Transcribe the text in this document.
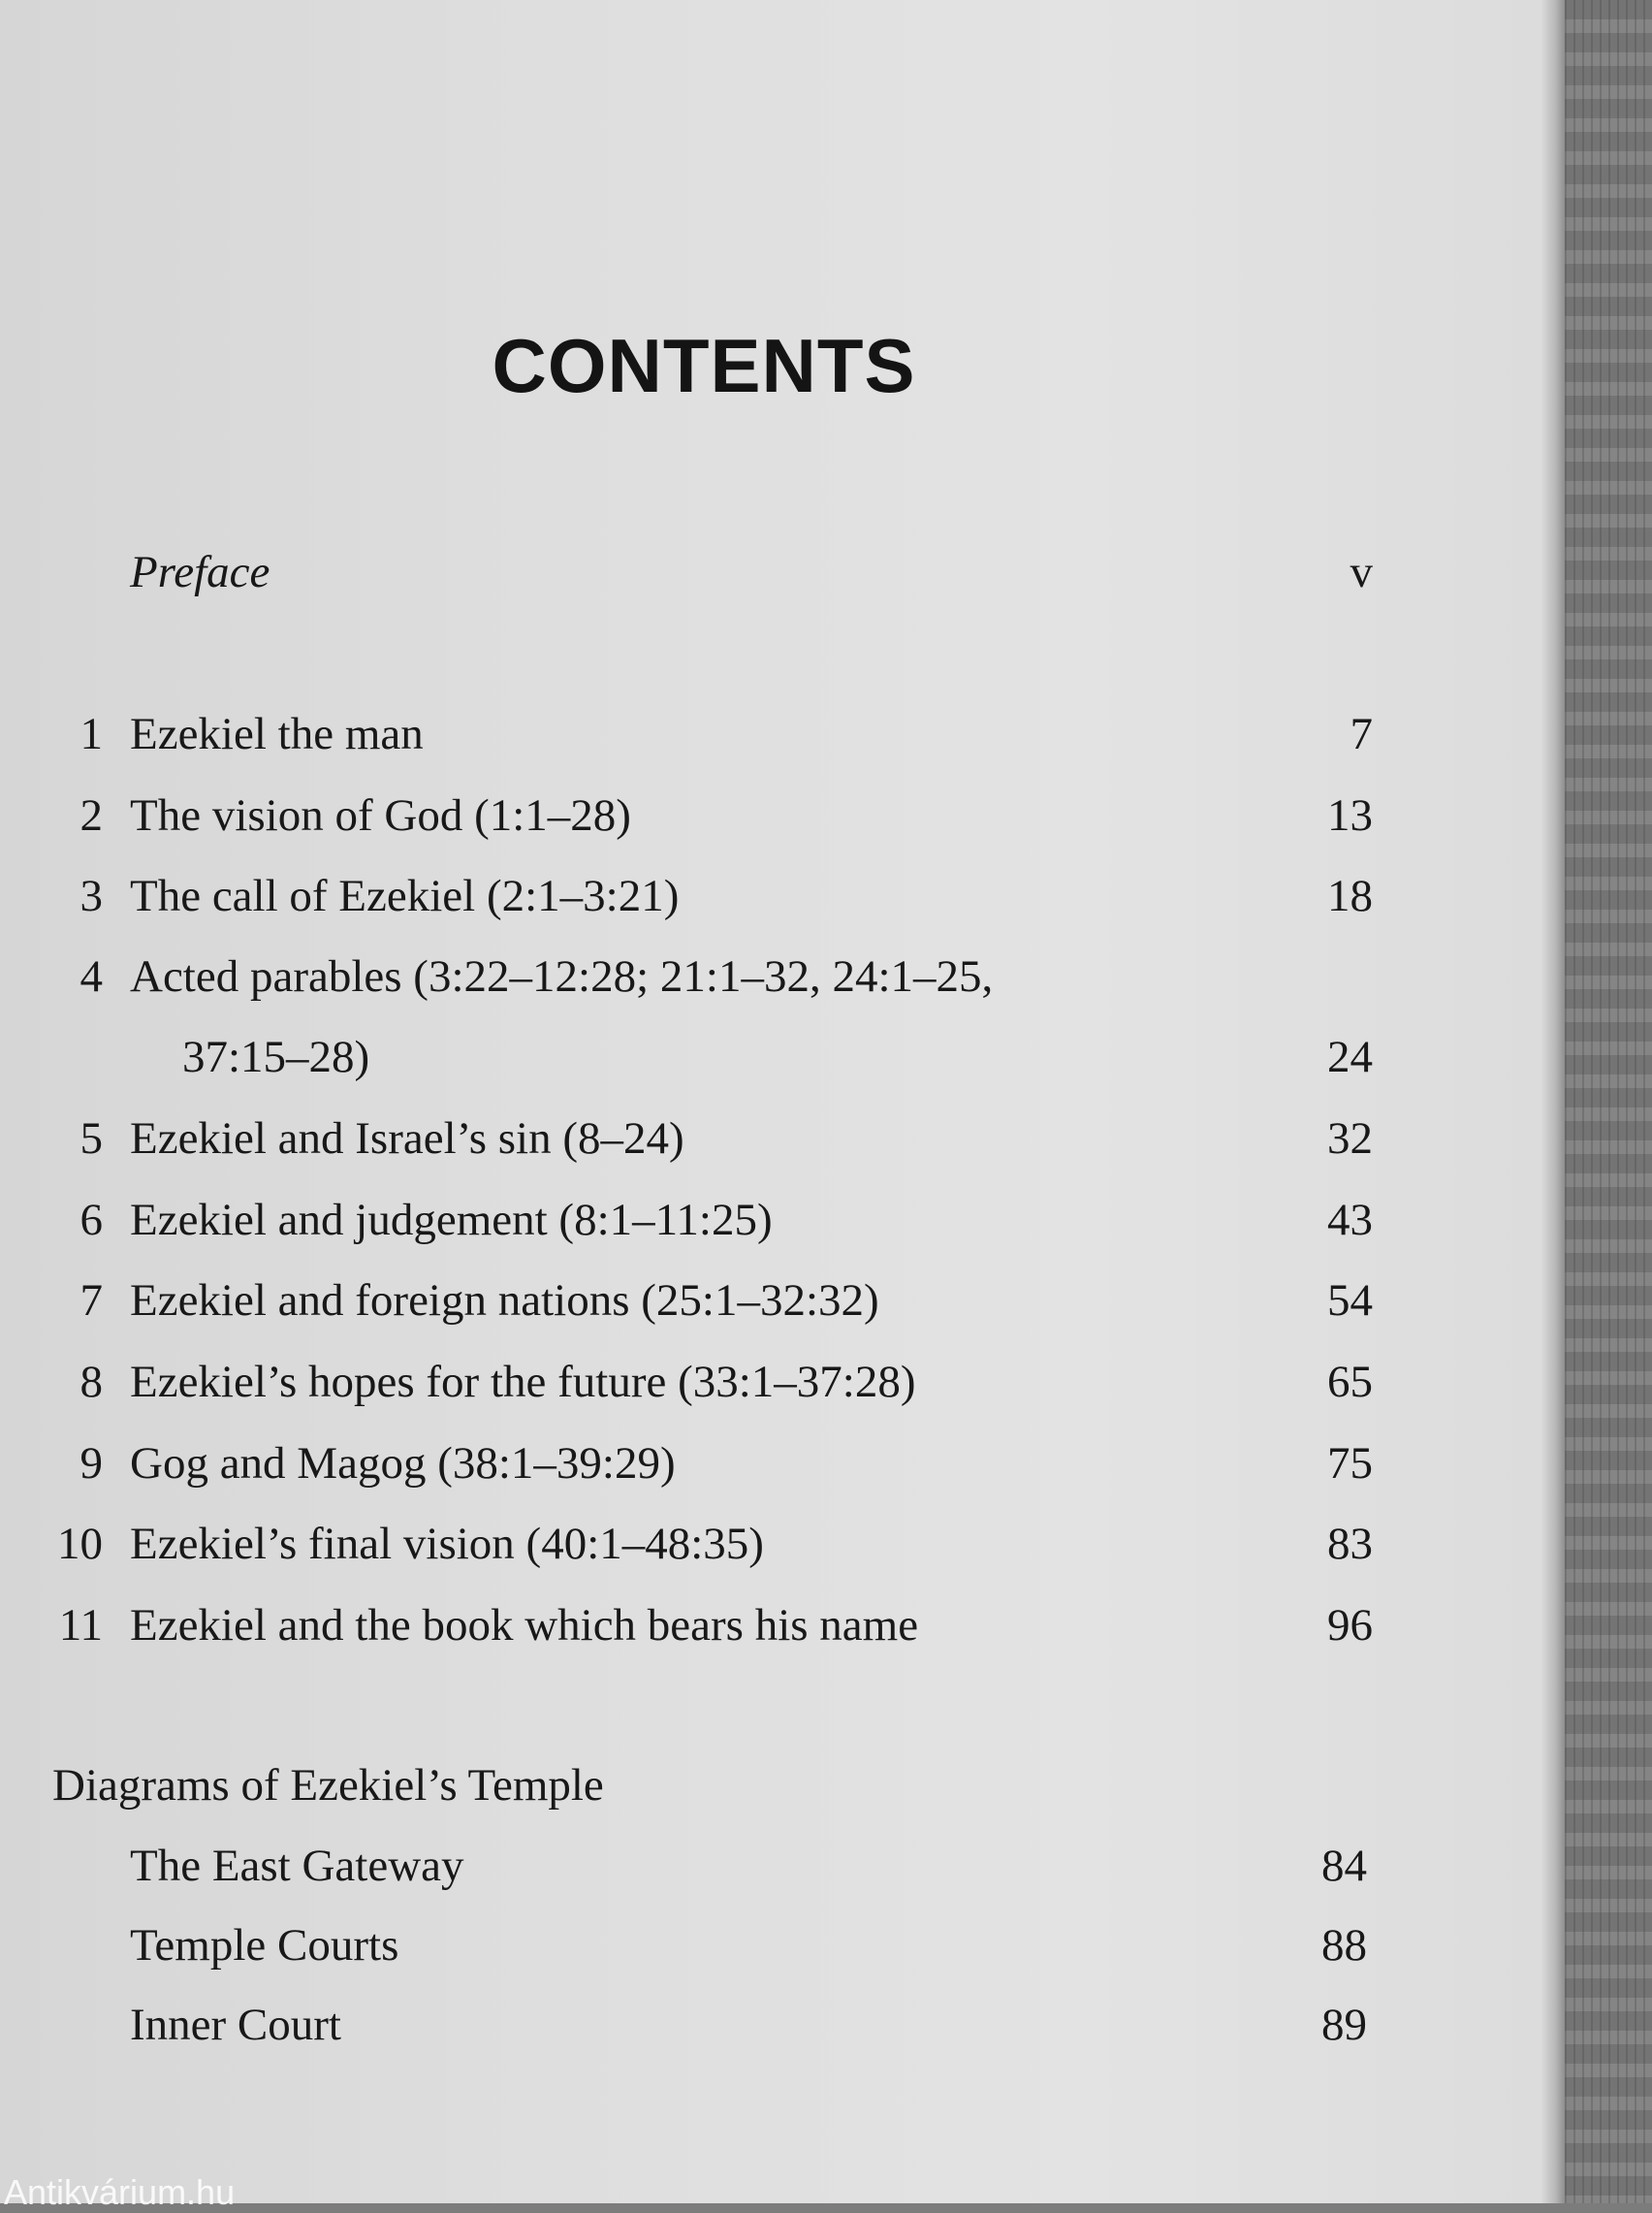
CONTENTS
Preface	v
1 Ezekiel the man	7
2 The vision of God (1:1–28)	13
3 The call of Ezekiel (2:1–3:21)	18
4 Acted parables (3:22–12:28; 21:1–32, 24:1–25,
37:15–28)	24
5 Ezekiel and Israel’s sin (8–24)	32
6 Ezekiel and judgement (8:1–11:25)	43
7 Ezekiel and foreign nations (25:1–32:32)	54
8 Ezekiel’s hopes for the future (33:1–37:28)	65
9 Gog and Magog (38:1–39:29)	75
10 Ezekiel’s final vision (40:1–48:35)	83
11 Ezekiel and the book which bears his name	96
Diagrams of Ezekiel’s Temple
The East Gateway	84
Temple Courts	88
Inner Court	89
Antikvárium.hu
